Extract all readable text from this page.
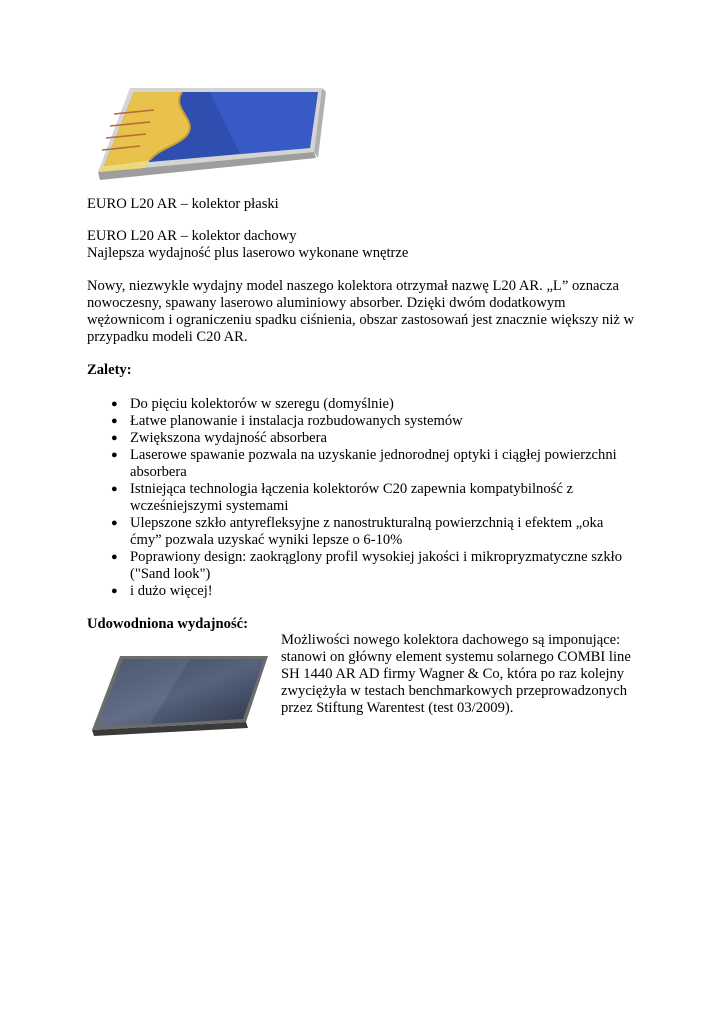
EURO L20 AR – kolektor płaski

EURO L20 AR – kolektor dachowy

Najlepsza wydajność plus laserowo wykonane wnętrze

Nowy, niezwykle wydajny model naszego kolektora otrzymał nazwę L20 AR. „L” oznacza

nowoczesny, spawany laserowo aluminiowy absorber. Dzięki dwóm dodatkowym

wężownicom i ograniczeniu spadku ciśnienia, obszar zastosowań jest znacznie większy niż w

przypadku modeli C20 AR.

Zalety:

● Do pięciu kolektorów w szeregu (domyślnie)
● Łatwe planowanie i instalacja rozbudowanych systemów
● Zwiększona wydajność absorbera
● Laserowe spawanie pozwala na uzyskanie jednorodnej optyki i ciągłej powierzchni
absorbera
● Istniejąca technologia łączenia kolektorów C20 zapewnia kompatybilność z
wcześniejszymi systemami
● Ulepszone szkło antyrefleksyjne z nanostrukturalną powierzchnią i efektem „oka
ćmy” pozwala uzyskać wyniki lepsze o 6-10%
● Poprawiony design: zaokrąglony profil wysokiej jakości i mikropryzmatyczne szkło
("Sand look")
● i dużo więcej!

Udowodniona wydajność:

Możliwości nowego kolektora dachowego są imponujące:

stanowi on główny element systemu solarnego COMBI line

SH 1440 AR AD firmy Wagner & Co, która po raz kolejny

zwyciężyła w testach benchmarkowych przeprowadzonych

przez Stiftung Warentest (test 03/2009).
